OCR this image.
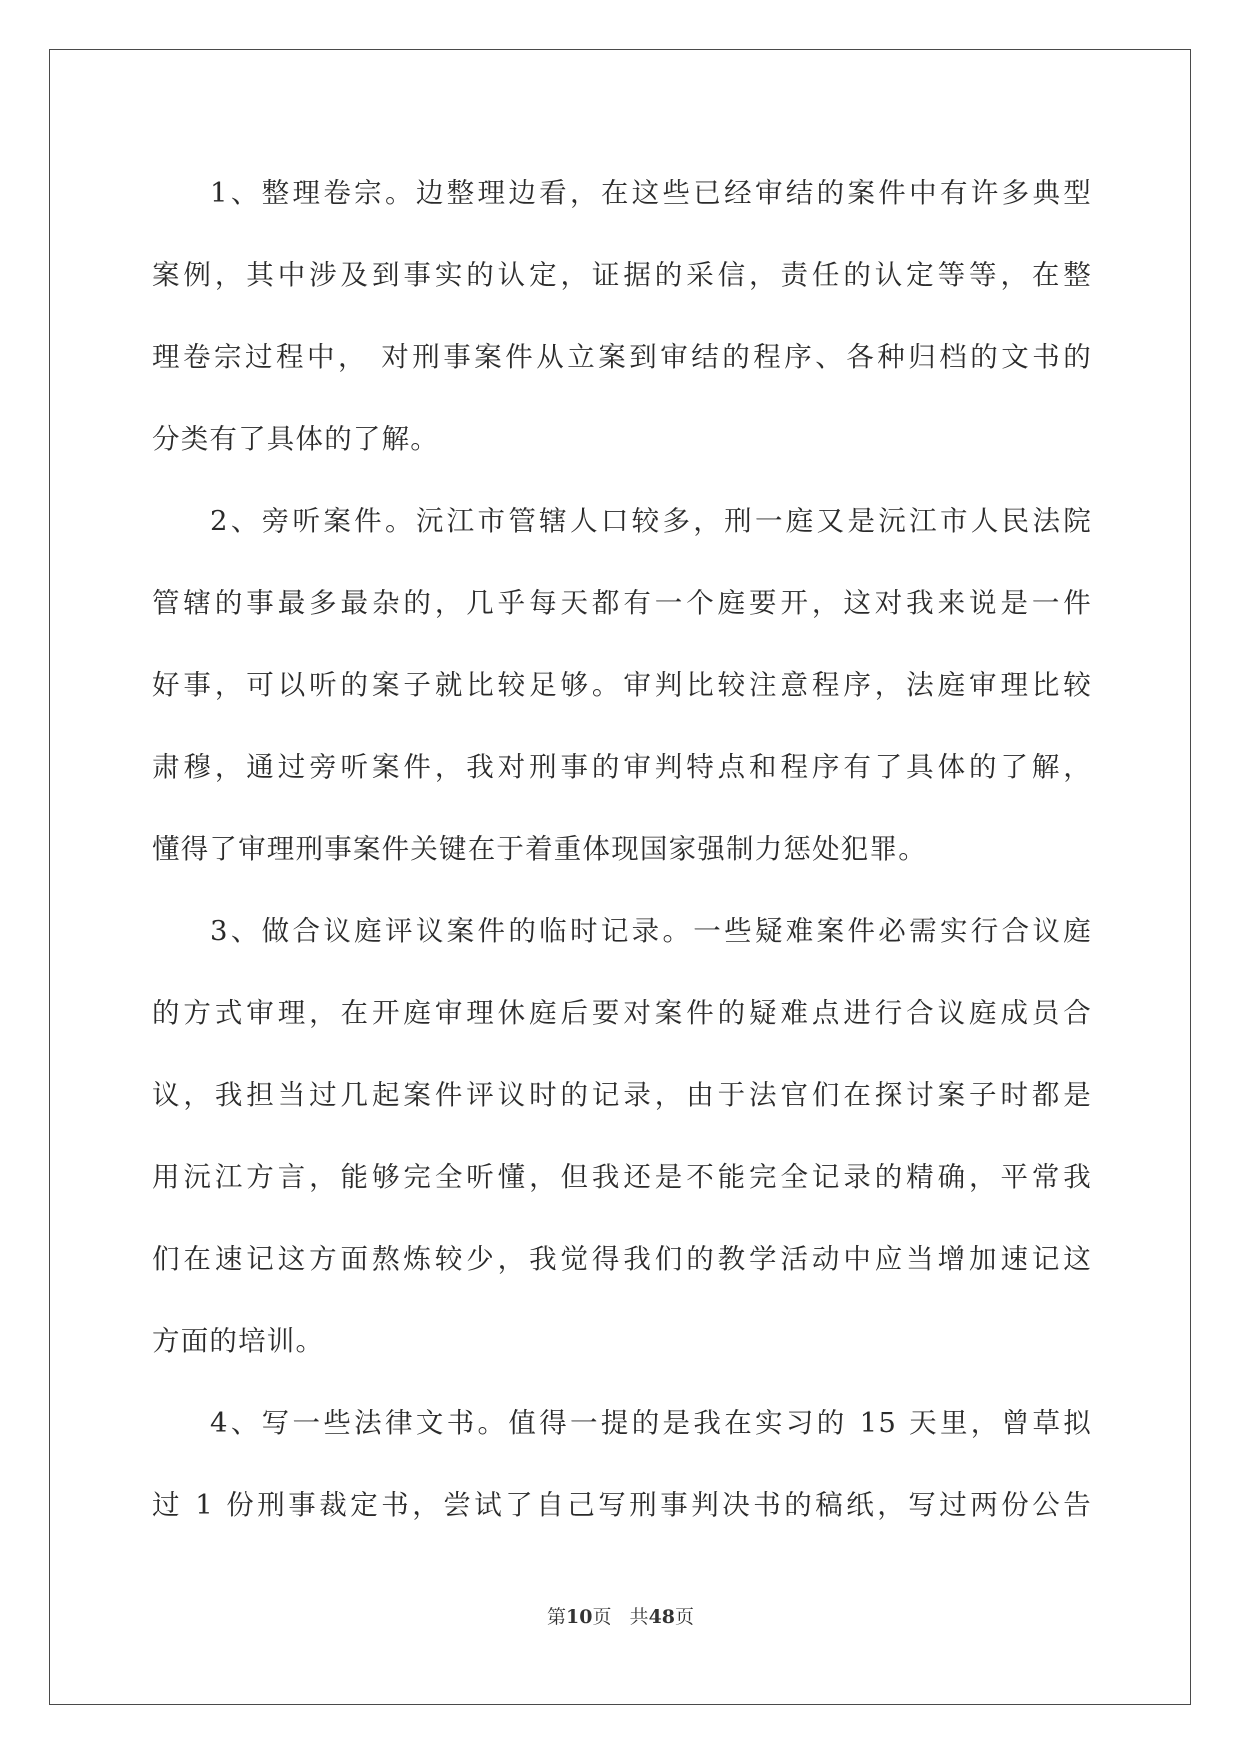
1、整理卷宗。边整理边看，在这些已经审结的案件中有许多典型
案例，其中涉及到事实的认定，证据的采信，责任的认定等等，在整
理卷宗过程中， 对刑事案件从立案到审结的程序、各种归档的文书的
分类有了具体的了解。

2、旁听案件。沅江市管辖人口较多，刑一庭又是沅江市人民法院
管辖的事最多最杂的，几乎每天都有一个庭要开，这对我来说是一件
好事，可以听的案子就比较足够。审判比较注意程序，法庭审理比较
肃穆，通过旁听案件，我对刑事的审判特点和程序有了具体的了解，
懂得了审理刑事案件关键在于着重体现国家强制力惩处犯罪。

3、做合议庭评议案件的临时记录。一些疑难案件必需实行合议庭
的方式审理，在开庭审理休庭后要对案件的疑难点进行合议庭成员合
议，我担当过几起案件评议时的记录，由于法官们在探讨案子时都是
用沅江方言，能够完全听懂，但我还是不能完全记录的精确，平常我
们在速记这方面熬炼较少，我觉得我们的教学活动中应当增加速记这
方面的培训。

4、写一些法律文书。值得一提的是我在实习的 15 天里，曾草拟
过 1 份刑事裁定书，尝试了自己写刑事判决书的稿纸，写过两份公告

第10页   共48页
